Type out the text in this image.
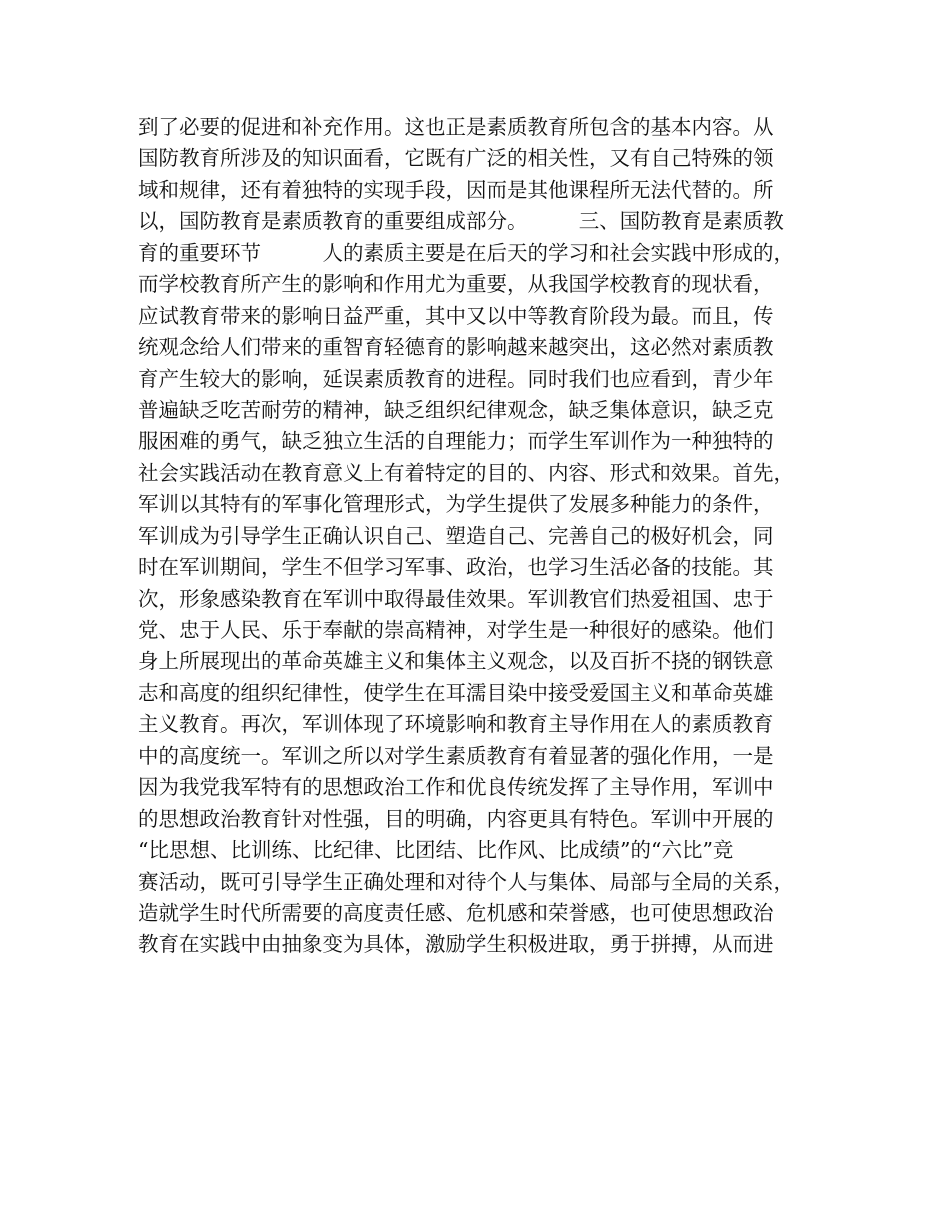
到了必要的促进和补充作用。这也正是素质教育所包含的基本内容。从
国防教育所涉及的知识面看，它既有广泛的相关性，又有自己特殊的领
域和规律，还有着独特的实现手段，因而是其他课程所无法代替的。所
以，国防教育是素质教育的重要组成部分。　　　三、国防教育是素质教
育的重要环节　　　人的素质主要是在后天的学习和社会实践中形成的，
而学校教育所产生的影响和作用尤为重要，从我国学校教育的现状看，
应试教育带来的影响日益严重，其中又以中等教育阶段为最。而且，传
统观念给人们带来的重智育轻德育的影响越来越突出，这必然对素质教
育产生较大的影响，延误素质教育的进程。同时我们也应看到，青少年
普遍缺乏吃苦耐劳的精神，缺乏组织纪律观念，缺乏集体意识，缺乏克
服困难的勇气，缺乏独立生活的自理能力；而学生军训作为一种独特的
社会实践活动在教育意义上有着特定的目的、内容、形式和效果。首先，
军训以其特有的军事化管理形式，为学生提供了发展多种能力的条件，
军训成为引导学生正确认识自己、塑造自己、完善自己的极好机会，同
时在军训期间，学生不但学习军事、政治，也学习生活必备的技能。其
次，形象感染教育在军训中取得最佳效果。军训教官们热爱祖国、忠于
党、忠于人民、乐于奉献的崇高精神，对学生是一种很好的感染。他们
身上所展现出的革命英雄主义和集体主义观念，以及百折不挠的钢铁意
志和高度的组织纪律性，使学生在耳濡目染中接受爱国主义和革命英雄
主义教育。再次，军训体现了环境影响和教育主导作用在人的素质教育
中的高度统一。军训之所以对学生素质教育有着显著的强化作用，一是
因为我党我军特有的思想政治工作和优良传统发挥了主导作用，军训中
的思想政治教育针对性强，目的明确，内容更具有特色。军训中开展的
“比思想、比训练、比纪律、比团结、比作风、比成绩”的“六比”竞
赛活动，既可引导学生正确处理和对待个人与集体、局部与全局的关系，
造就学生时代所需要的高度责任感、危机感和荣誉感，也可使思想政治
教育在实践中由抽象变为具体，激励学生积极进取，勇于拼搏，从而进
